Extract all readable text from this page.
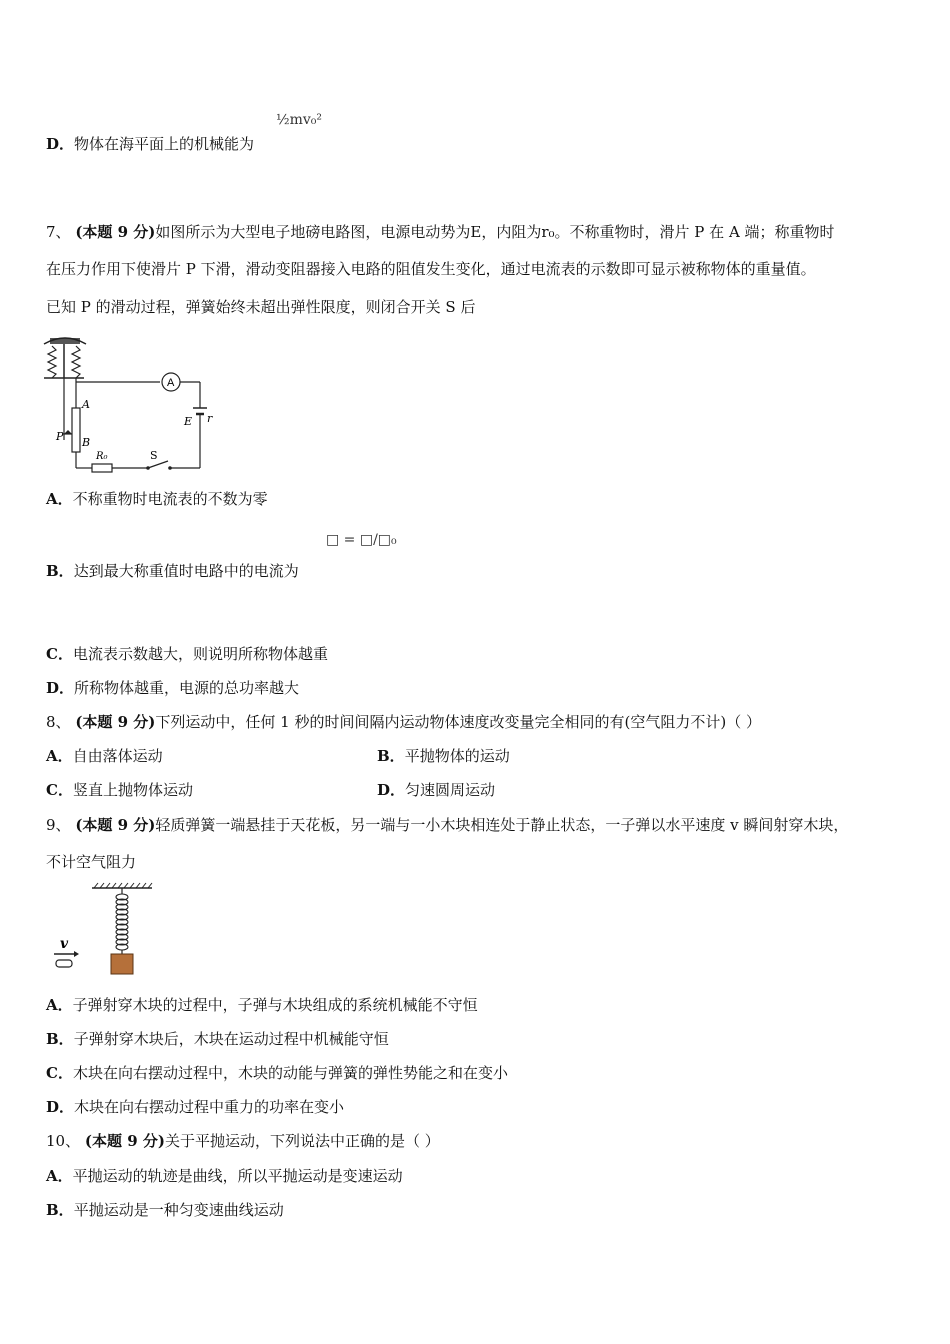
D．物体在海平面上的机械能为
½mv₀²
7、 (本题 9 分)如图所示为大型电子地磅电路图，电源电动势为E，内阻为r₀。不称重物时，滑片 P 在 A 端；称重物时
在压力作用下使滑片 P 下滑，滑动变阻器接入电路的阻值发生变化，通过电流表的示数即可显示被称物体的重量值。
已知 P 的滑动过程，弹簧始终未超出弹性限度，则闭合开关 S 后
A
E r
A
B
P
R₀	S
A．不称重物时电流表的不数为零
□ = □/□₀
B．达到最大称重值时电路中的电流为
C．电流表示数越大，则说明所称物体越重
D．所称物体越重，电源的总功率越大
8、 (本题 9 分)下列运动中，任何 1 秒的时间间隔内运动物体速度改变量完全相同的有(空气阻力不计)（ ）
A．自由落体运动	B．平抛物体的运动
C．竖直上抛物体运动	D．匀速圆周运动
9、 (本题 9 分)轻质弹簧一端悬挂于天花板，另一端与一小木块相连处于静止状态，一子弹以水平速度 v 瞬间射穿木块，
不计空气阻力
v
A．子弹射穿木块的过程中，子弹与木块组成的系统机械能不守恒
B．子弹射穿木块后，木块在运动过程中机械能守恒
C．木块在向右摆动过程中，木块的动能与弹簧的弹性势能之和在变小
D．木块在向右摆动过程中重力的功率在变小
10、 (本题 9 分)关于平抛运动，下列说法中正确的是（ ）
A．平抛运动的轨迹是曲线，所以平抛运动是变速运动
B．平抛运动是一种匀变速曲线运动
